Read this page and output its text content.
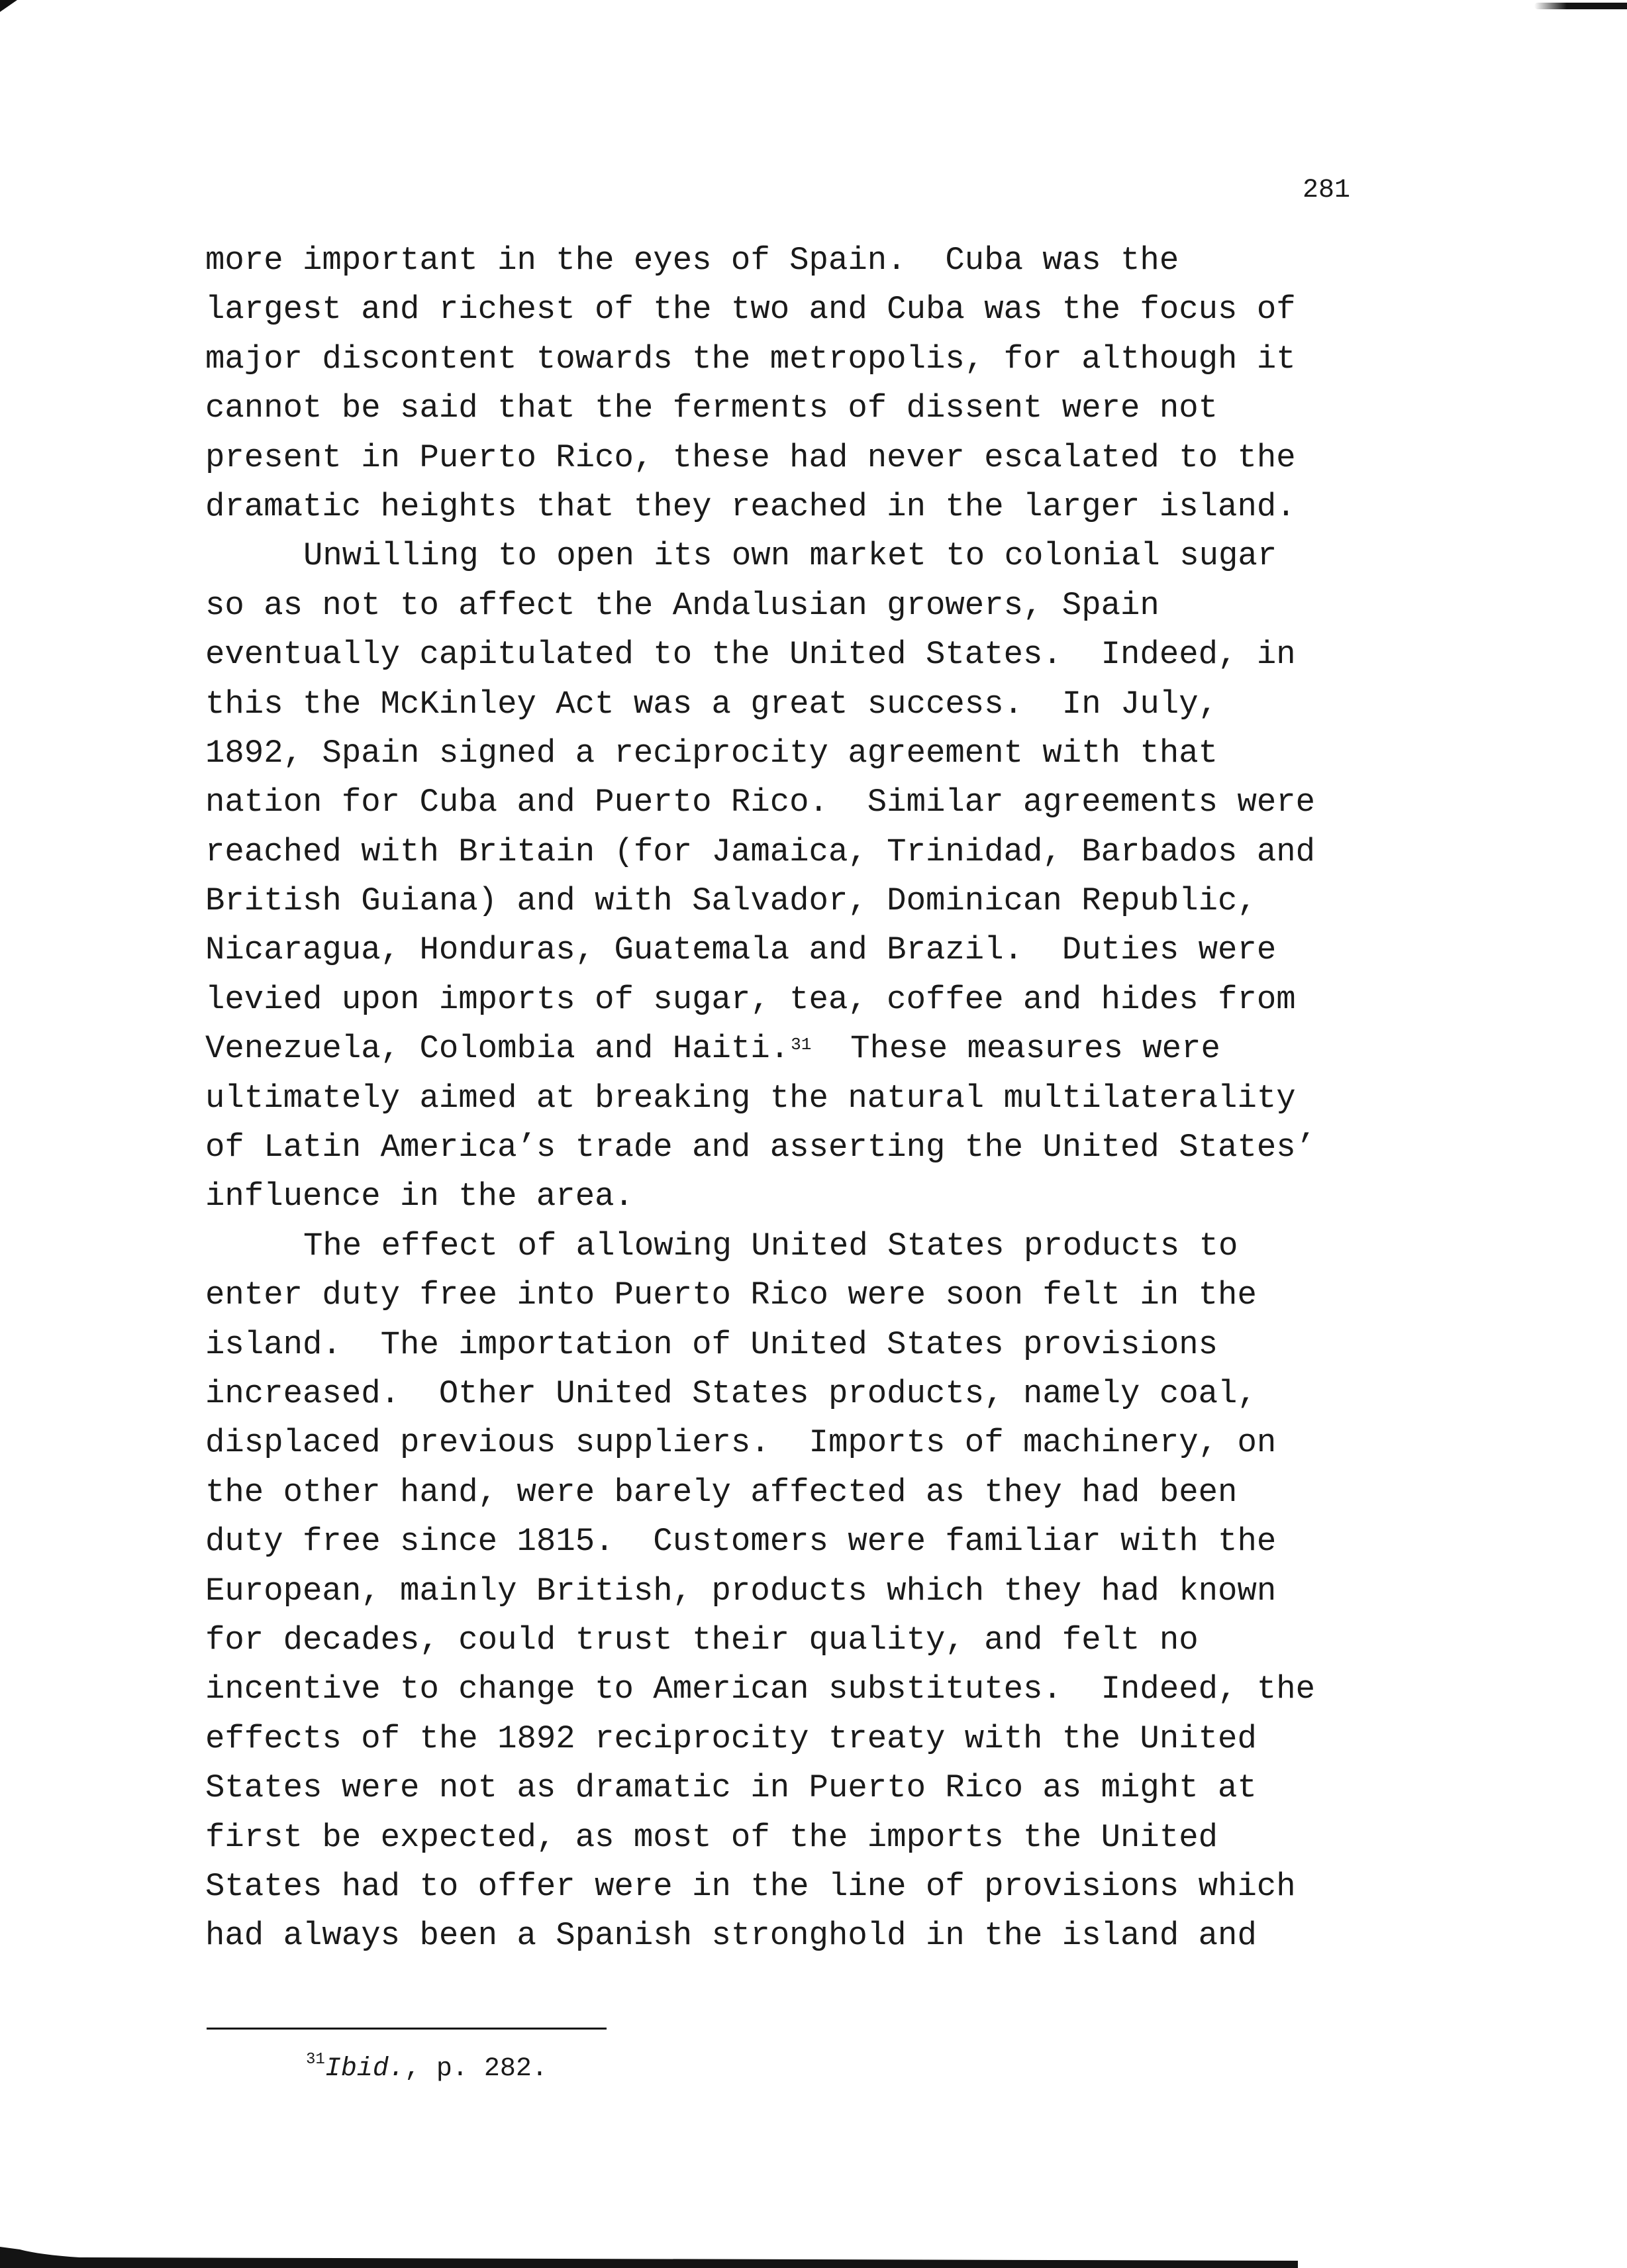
281
more important in the eyes of Spain.  Cuba was the
largest and richest of the two and Cuba was the focus of
major discontent towards the metropolis, for although it
cannot be said that the ferments of dissent were not
present in Puerto Rico, these had never escalated to the
dramatic heights that they reached in the larger island.
Unwilling to open its own market to colonial sugar
so as not to affect the Andalusian growers, Spain
eventually capitulated to the United States.  Indeed, in
this the McKinley Act was a great success.  In July,
1892, Spain signed a reciprocity agreement with that
nation for Cuba and Puerto Rico.  Similar agreements were
reached with Britain (for Jamaica, Trinidad, Barbados and
British Guiana) and with Salvador, Dominican Republic,
Nicaragua, Honduras, Guatemala and Brazil.  Duties were
levied upon imports of sugar, tea, coffee and hides from
Venezuela, Colombia and Haiti.$^{31}$  These measures were
ultimately aimed at breaking the natural multilaterality
of Latin America’s trade and asserting the United States’
influence in the area.
The effect of allowing United States products to
enter duty free into Puerto Rico were soon felt in the
island.  The importation of United States provisions
increased.  Other United States products, namely coal,
displaced previous suppliers.  Imports of machinery, on
the other hand, were barely affected as they had been
duty free since 1815.  Customers were familiar with the
European, mainly British, products which they had known
for decades, could trust their quality, and felt no
incentive to change to American substitutes.  Indeed, the
effects of the 1892 reciprocity treaty with the United
States were not as dramatic in Puerto Rico as might at
first be expected, as most of the imports the United
States had to offer were in the line of provisions which
had always been a Spanish stronghold in the island and
$^{31}$Ibid., p. 282.
